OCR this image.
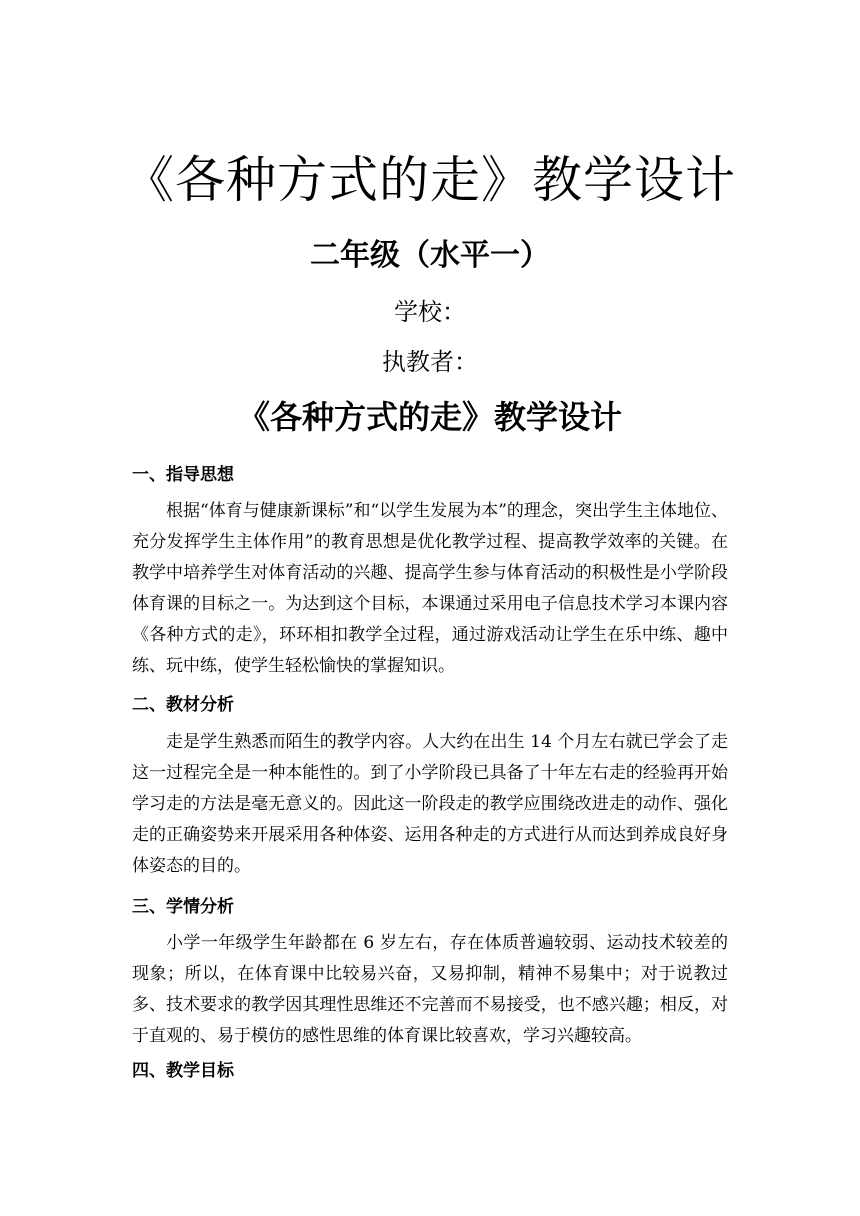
《各种方式的走》教学设计
二年级（水平一）
学校：
执教者：
《各种方式的走》教学设计
一、指导思想

根据“体育与健康新课标”和“以学生发展为本”的理念，突出学生主体地位、充分发挥学生主体作用”的教育思想是优化教学过程、提高教学效率的关键。在教学中培养学生对体育活动的兴趣、提高学生参与体育活动的积极性是小学阶段体育课的目标之一。为达到这个目标，本课通过采用电子信息技术学习本课内容《各种方式的走》，环环相扣教学全过程，通过游戏活动让学生在乐中练、趣中练、玩中练，使学生轻松愉快的掌握知识。

二、教材分析

走是学生熟悉而陌生的教学内容。人大约在出生 14 个月左右就已学会了走这一过程完全是一种本能性的。到了小学阶段已具备了十年左右走的经验再开始学习走的方法是毫无意义的。因此这一阶段走的教学应围绕改进走的动作、强化走的正确姿势来开展采用各种体姿、运用各种走的方式进行从而达到养成良好身体姿态的目的。

三、学情分析

小学一年级学生年龄都在 6 岁左右，存在体质普遍较弱、运动技术较差的现象；所以，在体育课中比较易兴奋，又易抑制，精神不易集中；对于说教过多、技术要求的教学因其理性思维还不完善而不易接受，也不感兴趣；相反，对于直观的、易于模仿的感性思维的体育课比较喜欢，学习兴趣较高。

四、教学目标
